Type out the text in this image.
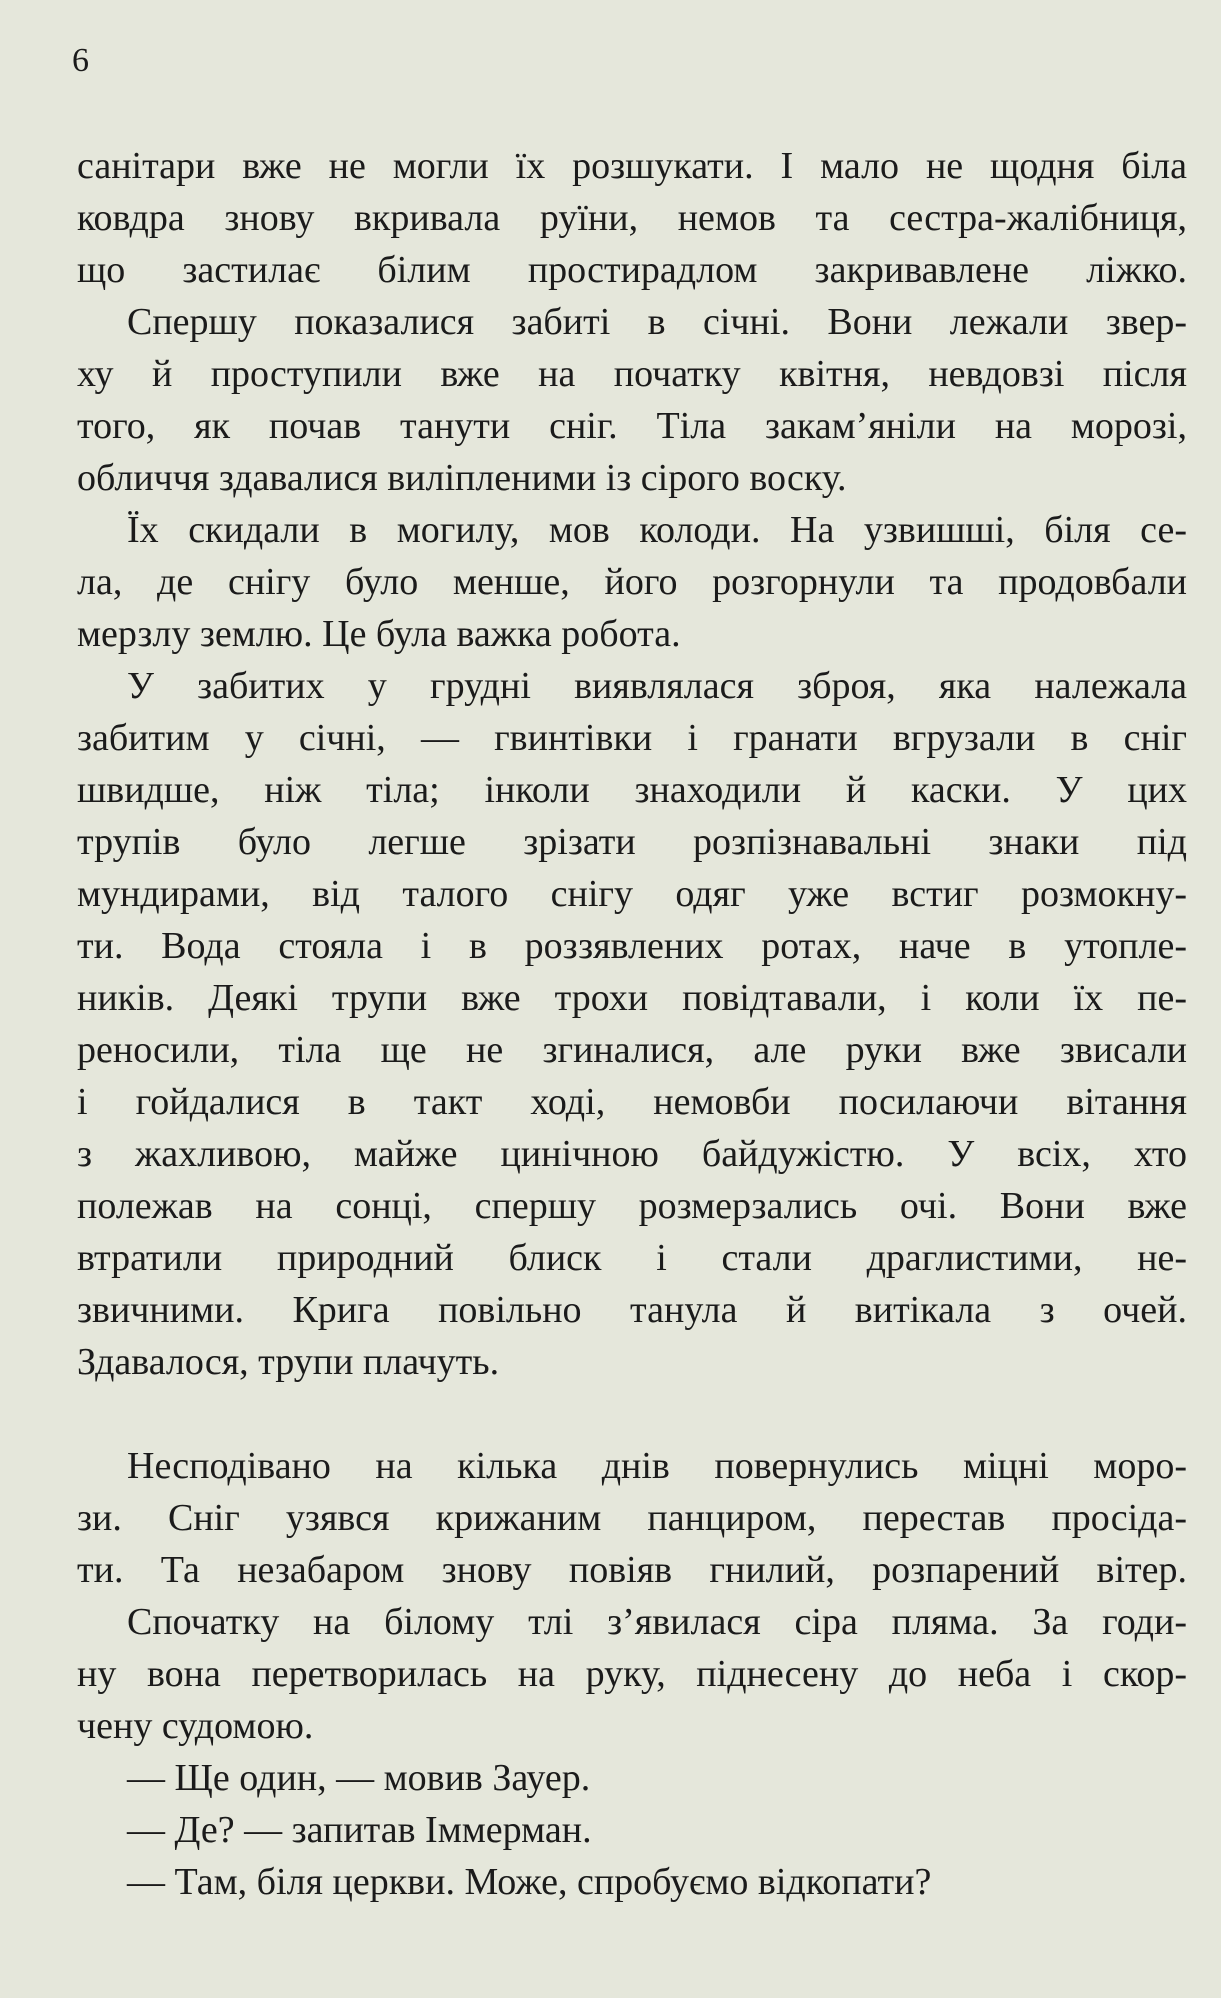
6
санітари вже не могли їх розшукати. І мало не щодня біла
ковдра знову вкривала руїни, немов та сестра-жалібниця,
що застилає білим простирадлом закривавлене ліжко.
Спершу показалися забиті в січні. Вони лежали звер-
ху й проступили вже на початку квітня, невдовзі після
того, як почав танути сніг. Тіла закам’яніли на морозі,
обличчя здавалися виліпленими із сірого воску.
Їх скидали в могилу, мов колоди. На узвишші, біля се-
ла, де снігу було менше, його розгорнули та продовбали
мерзлу землю. Це була важка робота.
У забитих у грудні виявлялася зброя, яка належала
забитим у січні, — гвинтівки і гранати вгрузали в сніг
швидше, ніж тіла; інколи знаходили й каски. У цих
трупів було легше зрізати розпізнавальні знаки під
мундирами, від талого снігу одяг уже встиг розмокну-
ти. Вода стояла і в роззявлених ротах, наче в утопле-
ників. Деякі трупи вже трохи повідтавали, і коли їх пе-
реносили, тіла ще не згиналися, але руки вже звисали
і гойдалися в такт ході, немовби посилаючи вітання
з жахливою, майже цинічною байдужістю. У всіх, хто
полежав на сонці, спершу розмерзались очі. Вони вже
втратили природний блиск і стали драглистими, не-
звичними. Крига повільно танула й витікала з очей.
Здавалося, трупи плачуть.
Несподівано на кілька днів повернулись міцні моро-
зи. Сніг узявся крижаним панциром, перестав просіда-
ти. Та незабаром знову повіяв гнилий, розпарений вітер.
Спочатку на білому тлі з’явилася сіра пляма. За годи-
ну вона перетворилась на руку, піднесену до неба і скор-
чену судомою.
— Ще один, — мовив Зауер.
— Де? — запитав Іммерман.
— Там, біля церкви. Може, спробуємо відкопати?
